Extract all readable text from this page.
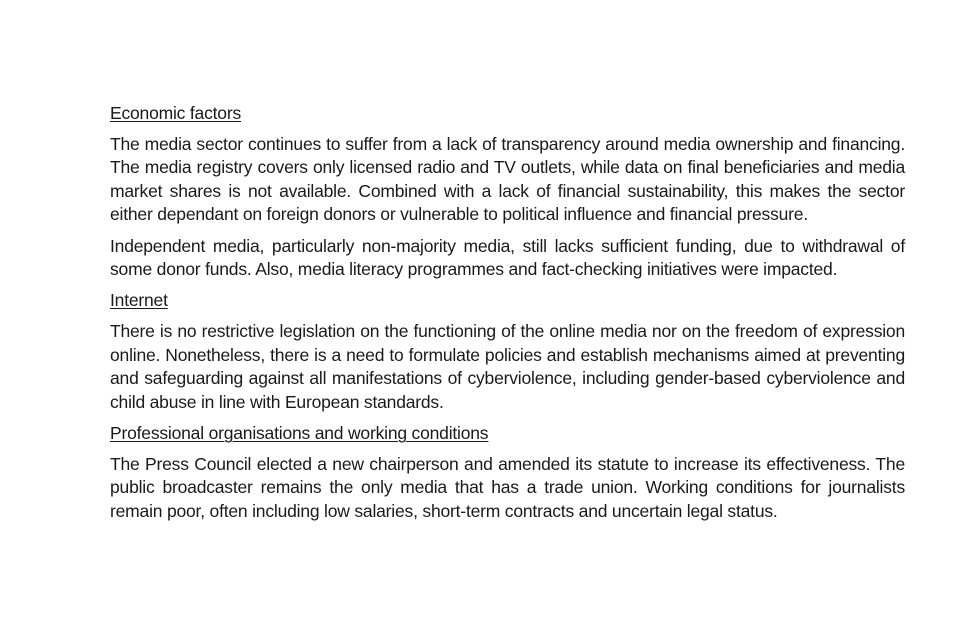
Economic factors

The media sector continues to suffer from a lack of transparency around media ownership and financing. The media registry covers only licensed radio and TV outlets, while data on final beneficiaries and media market shares is not available. Combined with a lack of financial sustainability, this makes the sector either dependant on foreign donors or vulnerable to political influence and financial pressure.

Independent media, particularly non-majority media, still lacks sufficient funding, due to withdrawal of some donor funds. Also, media literacy programmes and fact-checking initiatives were impacted.

Internet

There is no restrictive legislation on the functioning of the online media nor on the freedom of expression online. Nonetheless, there is a need to formulate policies and establish mechanisms aimed at preventing and safeguarding against all manifestations of cyberviolence, including gender-based cyberviolence and child abuse in line with European standards.

Professional organisations and working conditions

The Press Council elected a new chairperson and amended its statute to increase its effectiveness. The public broadcaster remains the only media that has a trade union. Working conditions for journalists remain poor, often including low salaries, short-term contracts and uncertain legal status.
